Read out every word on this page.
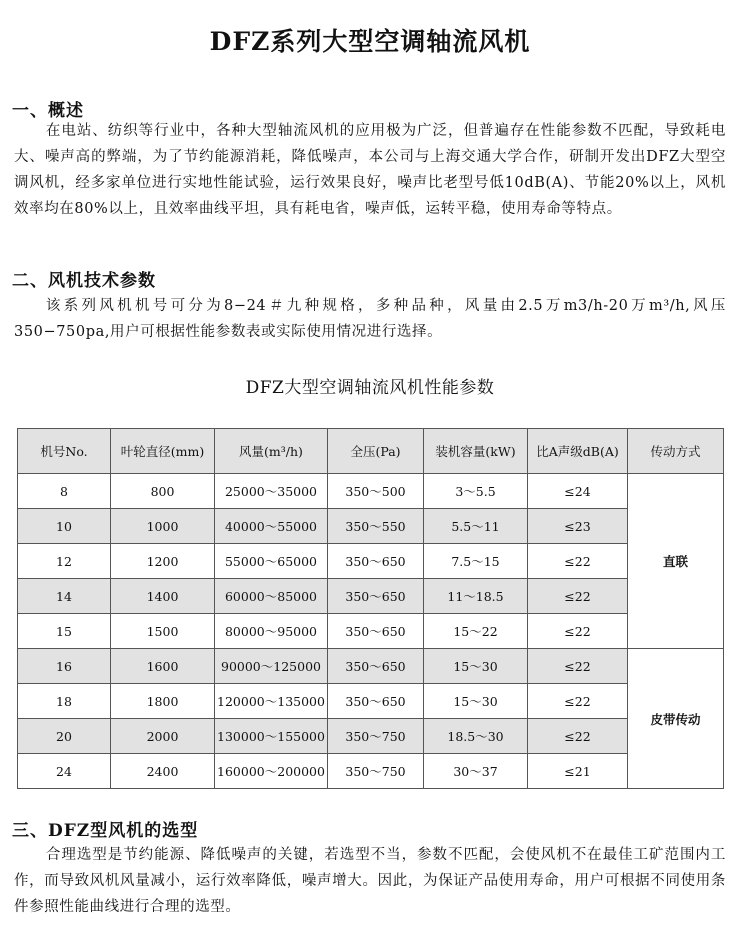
DFZ系列大型空调轴流风机
一、概述

在电站、纺织等行业中，各种大型轴流风机的应用极为广泛，但普遍存在性能参数不匹配，导致耗电大、噪声高的弊端，为了节约能源消耗，降低噪声，本公司与上海交通大学合作，研制开发出DFZ大型空调风机，经多家单位进行实地性能试验，运行效果良好，噪声比老型号低10dB(A)、节能20%以上，风机效率均在80%以上，且效率曲线平坦，具有耗电省，噪声低，运转平稳，使用寿命等特点。

二、风机技术参数

该系列风机机号可分为8−24＃九种规格，多种品种，风量由2.5万m3/h-20万m³/h,风压350−750pa,用户可根据性能参数表或实际使用情况进行选择。

DFZ大型空调轴流风机性能参数
机号No.	叶轮直径(mm)	风量(m³/h)	全压(Pa)	装机容量(kW)	比A声级dB(A)	传动方式
8	800	25000～35000	350～500	3～5.5	≤24	直联
10	1000	40000～55000	350～550	5.5～11	≤23	
12	1200	55000～65000	350～650	7.5～15	≤22	
14	1400	60000～85000	350～650	11～18.5	≤22	
15	1500	80000～95000	350～650	15～22	≤22	
16	1600	90000～125000	350～650	15～30	≤22	皮带传动
18	1800	120000～135000	350～650	15～30	≤22	
20	2000	130000～155000	350～750	18.5～30	≤22	
24	2400	160000～200000	350～750	30～37	≤21	
三、DFZ型风机的选型

合理选型是节约能源、降低噪声的关键，若选型不当，参数不匹配，会使风机不在最佳工矿范围内工作，而导致风机风量减小，运行效率降低，噪声增大。因此，为保证产品使用寿命，用户可根据不同使用条件参照性能曲线进行合理的选型。
